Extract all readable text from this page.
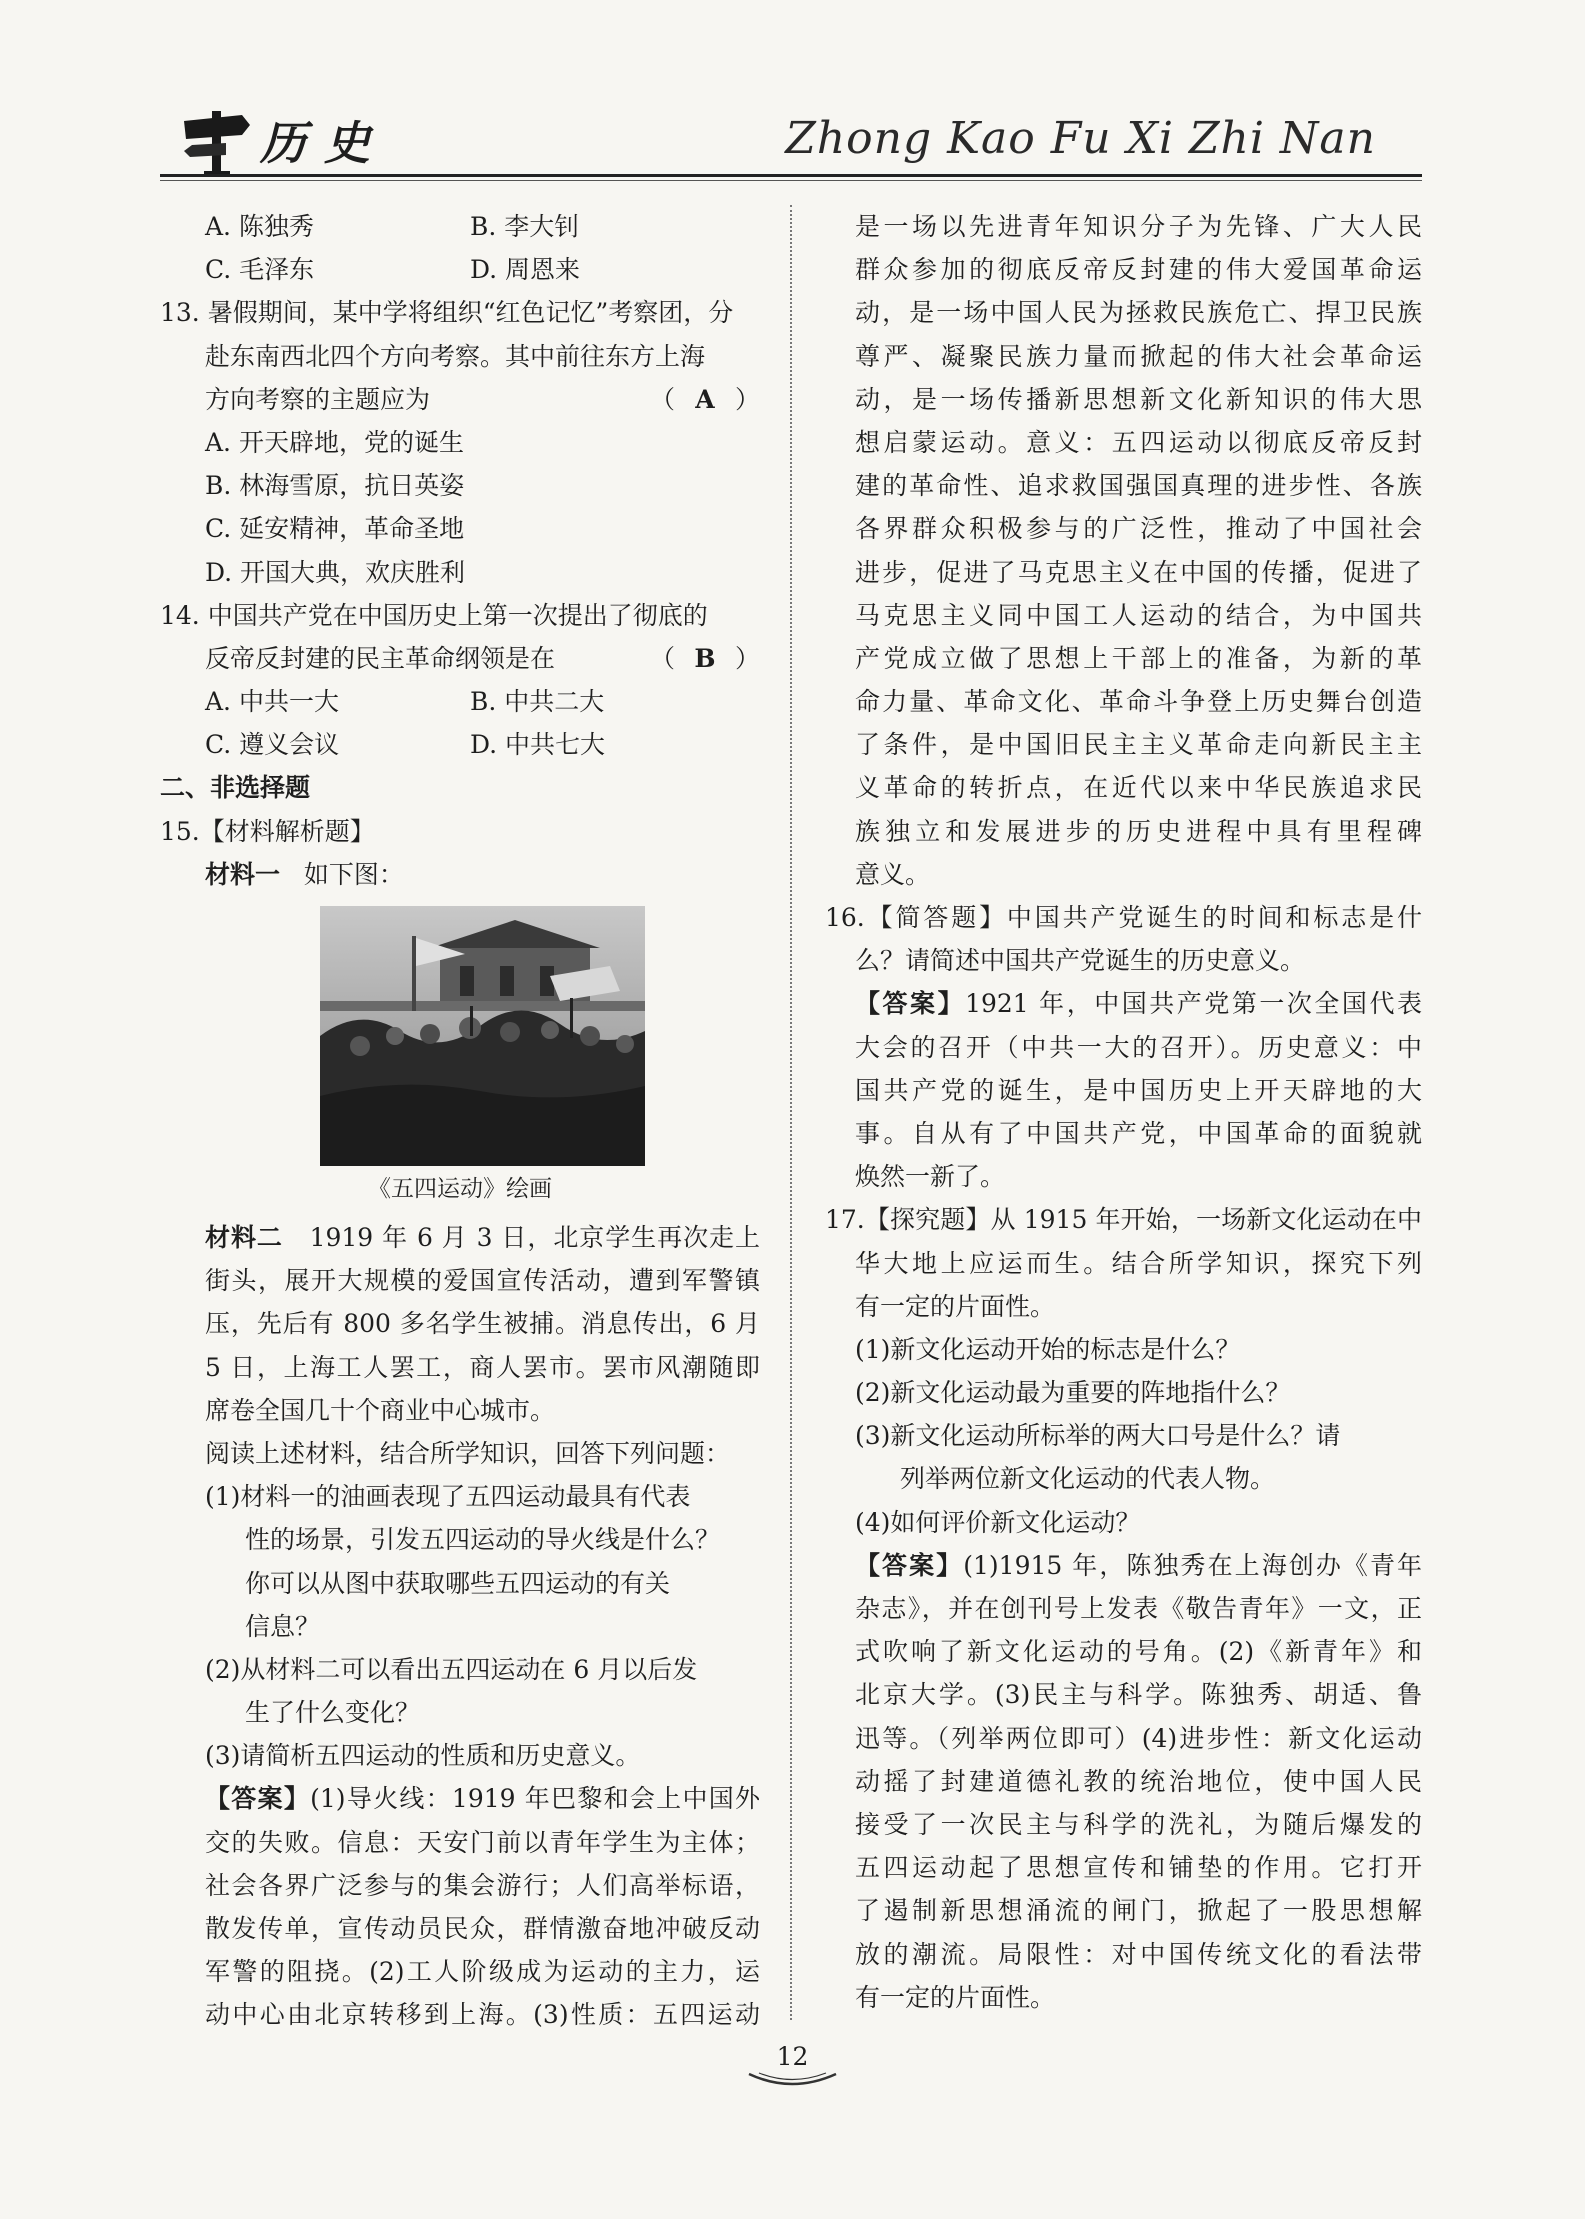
历史	Zhong Kao Fu Xi Zhi Nan
A. 陈独秀	B. 李大钊
C. 毛泽东	D. 周恩来
13. 暑假期间，某中学将组织“红色记忆”考察团，分
赴东南西北四个方向考察。其中前往东方上海
方向考察的主题应为	（ A ）
A. 开天辟地，党的诞生
B. 林海雪原，抗日英姿
C. 延安精神，革命圣地
D. 开国大典，欢庆胜利
14. 中国共产党在中国历史上第一次提出了彻底的
反帝反封建的民主革命纲领是在	（ B ）
A. 中共一大	B. 中共二大
C. 遵义会议	D. 中共七大
二、非选择题
15.【材料解析题】
材料一 如下图：
《五四运动》绘画
材料二 1919 年 6 月 3 日，北京学生再次走上
街头，展开大规模的爱国宣传活动，遭到军警镇
压，先后有 800 多名学生被捕。消息传出，6 月
5 日，上海工人罢工，商人罢市。罢市风潮随即
席卷全国几十个商业中心城市。
阅读上述材料，结合所学知识，回答下列问题：
(1)材料一的油画表现了五四运动最具有代表
性的场景，引发五四运动的导火线是什么？
你可以从图中获取哪些五四运动的有关
信息？
(2)从材料二可以看出五四运动在 6 月以后发
生了什么变化？
(3)请简析五四运动的性质和历史意义。
【答案】(1)导火线：1919 年巴黎和会上中国外
交的失败。信息：天安门前以青年学生为主体；
社会各界广泛参与的集会游行；人们高举标语，
散发传单，宣传动员民众，群情激奋地冲破反动
军警的阻挠。(2)工人阶级成为运动的主力，运
动中心由北京转移到上海。(3)性质：五四运动
是一场以先进青年知识分子为先锋、广大人民
群众参加的彻底反帝反封建的伟大爱国革命运
动，是一场中国人民为拯救民族危亡、捍卫民族
尊严、凝聚民族力量而掀起的伟大社会革命运
动，是一场传播新思想新文化新知识的伟大思
想启蒙运动。意义：五四运动以彻底反帝反封
建的革命性、追求救国强国真理的进步性、各族
各界群众积极参与的广泛性，推动了中国社会
进步，促进了马克思主义在中国的传播，促进了
马克思主义同中国工人运动的结合，为中国共
产党成立做了思想上干部上的准备，为新的革
命力量、革命文化、革命斗争登上历史舞台创造
了条件，是中国旧民主主义革命走向新民主主
义革命的转折点，在近代以来中华民族追求民
族独立和发展进步的历史进程中具有里程碑
意义。
16.【简答题】中国共产党诞生的时间和标志是什
么？请简述中国共产党诞生的历史意义。
【答案】1921 年，中国共产党第一次全国代表
大会的召开（中共一大的召开）。历史意义：中
国共产党的诞生，是中国历史上开天辟地的大
事。自从有了中国共产党，中国革命的面貌就
焕然一新了。
17.【探究题】从 1915 年开始，一场新文化运动在中
华大地上应运而生。结合所学知识，探究下列
有一定的片面性。
(1)新文化运动开始的标志是什么？
(2)新文化运动最为重要的阵地指什么？
(3)新文化运动所标举的两大口号是什么？请
列举两位新文化运动的代表人物。
(4)如何评价新文化运动？
【答案】(1)1915 年，陈独秀在上海创办《青年
杂志》，并在创刊号上发表《敬告青年》一文，正
式吹响了新文化运动的号角。(2)《新青年》和
北京大学。(3)民主与科学。陈独秀、胡适、鲁
迅等。（列举两位即可）(4)进步性：新文化运动
动摇了封建道德礼教的统治地位，使中国人民
接受了一次民主与科学的洗礼，为随后爆发的
五四运动起了思想宣传和铺垫的作用。它打开
了遏制新思想涌流的闸门，掀起了一股思想解
放的潮流。局限性：对中国传统文化的看法带
有一定的片面性。
12
